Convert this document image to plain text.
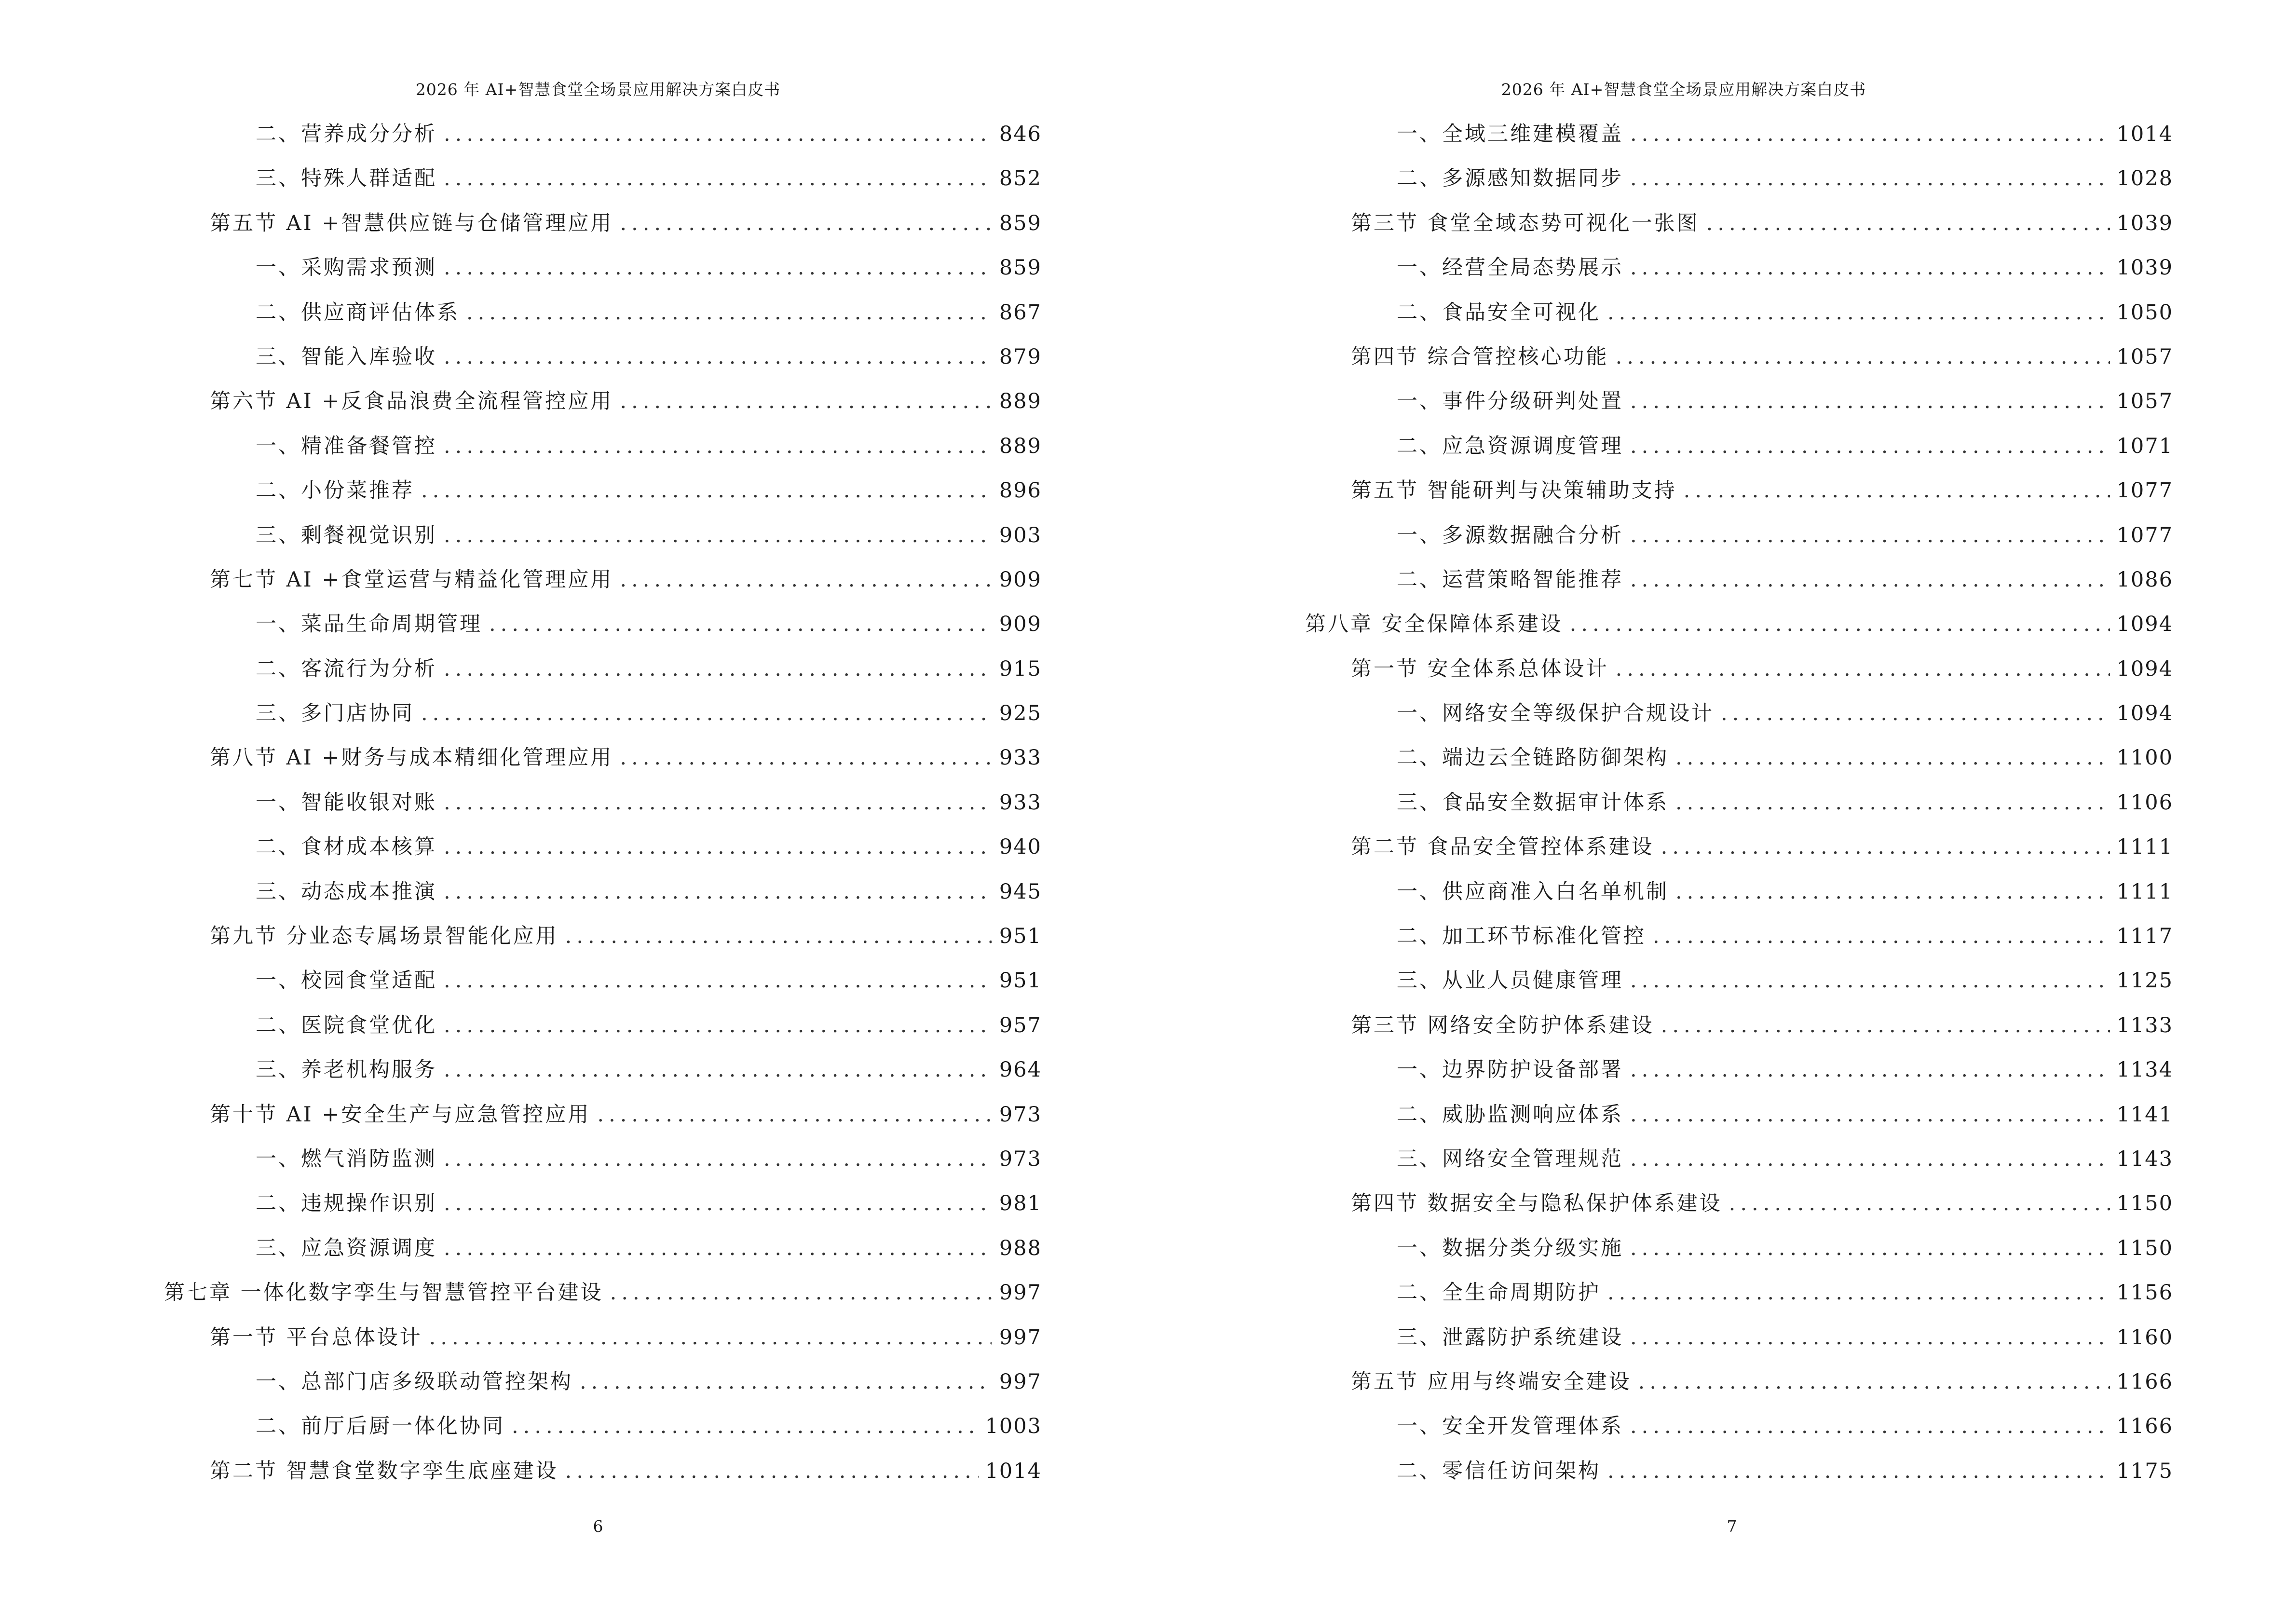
2026 年 AI+智慧食堂全场景应用解决方案白皮书
二、营养成分分析 .....	846
三、特殊人群适配 .....	852
第五节 AI +智慧供应链与仓储管理应用 .....	859
一、采购需求预测 .....	859
二、供应商评估体系 .....	867
三、智能入库验收 .....	879
第六节 AI +反食品浪费全流程管控应用 .....	889
一、精准备餐管控 .....	889
二、小份菜推荐 .....	896
三、剩餐视觉识别 .....	903
第七节 AI +食堂运营与精益化管理应用 .....	909
一、菜品生命周期管理 .....	909
二、客流行为分析 .....	915
三、多门店协同 .....	925
第八节 AI +财务与成本精细化管理应用 .....	933
一、智能收银对账 .....	933
二、食材成本核算 .....	940
三、动态成本推演 .....	945
第九节 分业态专属场景智能化应用 .....	951
一、校园食堂适配 .....	951
二、医院食堂优化 .....	957
三、养老机构服务 .....	964
第十节 AI +安全生产与应急管控应用 .....	973
一、燃气消防监测 .....	973
二、违规操作识别 .....	981
三、应急资源调度 .....	988
第七章 一体化数字孪生与智慧管控平台建设 .....	997
第一节 平台总体设计 .....	997
一、总部门店多级联动管控架构 .....	997
二、前厅后厨一体化协同 .....	1003
第二节 智慧食堂数字孪生底座建设 .....	1014
6
2026 年 AI+智慧食堂全场景应用解决方案白皮书
一、全域三维建模覆盖 .....	1014
二、多源感知数据同步 .....	1028
第三节 食堂全域态势可视化一张图 .....	1039
一、经营全局态势展示 .....	1039
二、食品安全可视化 .....	1050
第四节 综合管控核心功能 .....	1057
一、事件分级研判处置 .....	1057
二、应急资源调度管理 .....	1071
第五节 智能研判与决策辅助支持 .....	1077
一、多源数据融合分析 .....	1077
二、运营策略智能推荐 .....	1086
第八章 安全保障体系建设 .....	1094
第一节 安全体系总体设计 .....	1094
一、网络安全等级保护合规设计 .....	1094
二、端边云全链路防御架构 .....	1100
三、食品安全数据审计体系 .....	1106
第二节 食品安全管控体系建设 .....	1111
一、供应商准入白名单机制 .....	1111
二、加工环节标准化管控 .....	1117
三、从业人员健康管理 .....	1125
第三节 网络安全防护体系建设 .....	1133
一、边界防护设备部署 .....	1134
二、威胁监测响应体系 .....	1141
三、网络安全管理规范 .....	1143
第四节 数据安全与隐私保护体系建设 .....	1150
一、数据分类分级实施 .....	1150
二、全生命周期防护 .....	1156
三、泄露防护系统建设 .....	1160
第五节 应用与终端安全建设 .....	1166
一、安全开发管理体系 .....	1166
二、零信任访问架构 .....	1175
7
